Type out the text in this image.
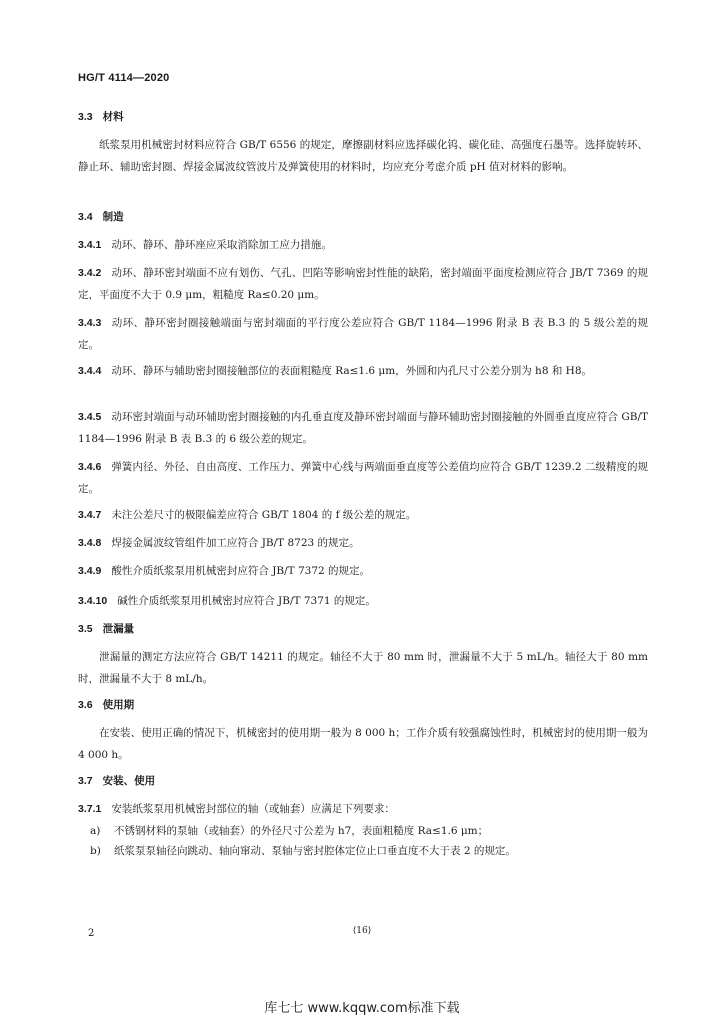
HG/T 4114—2020
3.3 材料
纸浆泵用机械密封材料应符合 GB/T 6556 的规定，摩擦副材料应选择碳化钨、碳化硅、高强度石墨等。选择旋转环、静止环、辅助密封圈、焊接金属波纹管波片及弹簧使用的材料时，均应充分考虑介质 pH 值对材料的影响。
3.4 制造
3.4.1 动环、静环、静环座应采取消除加工应力措施。
3.4.2 动环、静环密封端面不应有划伤、气孔、凹陷等影响密封性能的缺陷，密封端面平面度检测应符合 JB/T 7369 的规定，平面度不大于 0.9 μm，粗糙度 Ra≤0.20 μm。
3.4.3 动环、静环密封圈接触端面与密封端面的平行度公差应符合 GB/T 1184—1996 附录 B 表 B.3 的 5 级公差的规定。
3.4.4 动环、静环与辅助密封圈接触部位的表面粗糙度 Ra≤1.6 μm，外圆和内孔尺寸公差分别为 h8 和 H8。
3.4.5 动环密封端面与动环辅助密封圈接触的内孔垂直度及静环密封端面与静环辅助密封圈接触的外圆垂直度应符合 GB/T 1184—1996 附录 B 表 B.3 的 6 级公差的规定。
3.4.6 弹簧内径、外径、自由高度、工作压力、弹簧中心线与两端面垂直度等公差值均应符合 GB/T 1239.2 二级精度的规定。
3.4.7 未注公差尺寸的极限偏差应符合 GB/T 1804 的 f 级公差的规定。
3.4.8 焊接金属波纹管组件加工应符合 JB/T 8723 的规定。
3.4.9 酸性介质纸浆泵用机械密封应符合 JB/T 7372 的规定。
3.4.10 碱性介质纸浆泵用机械密封应符合 JB/T 7371 的规定。
3.5 泄漏量
泄漏量的测定方法应符合 GB/T 14211 的规定。轴径不大于 80 mm 时，泄漏量不大于 5 mL/h。轴径大于 80 mm 时，泄漏量不大于 8 mL/h。
3.6 使用期
在安装、使用正确的情况下，机械密封的使用期一般为 8 000 h；工作介质有较强腐蚀性时，机械密封的使用期一般为 4 000 h。
3.7 安装、使用
3.7.1 安装纸浆泵用机械密封部位的轴（或轴套）应满足下列要求：
a) 不锈钢材料的泵轴（或轴套）的外径尺寸公差为 h7，表面粗糙度 Ra≤1.6 μm；
b) 纸浆泵泵轴径向跳动、轴向窜动、泵轴与密封腔体定位止口垂直度不大于表 2 的规定。
2	⟨16⟩
库七七 www.kqqw.com标准下载
